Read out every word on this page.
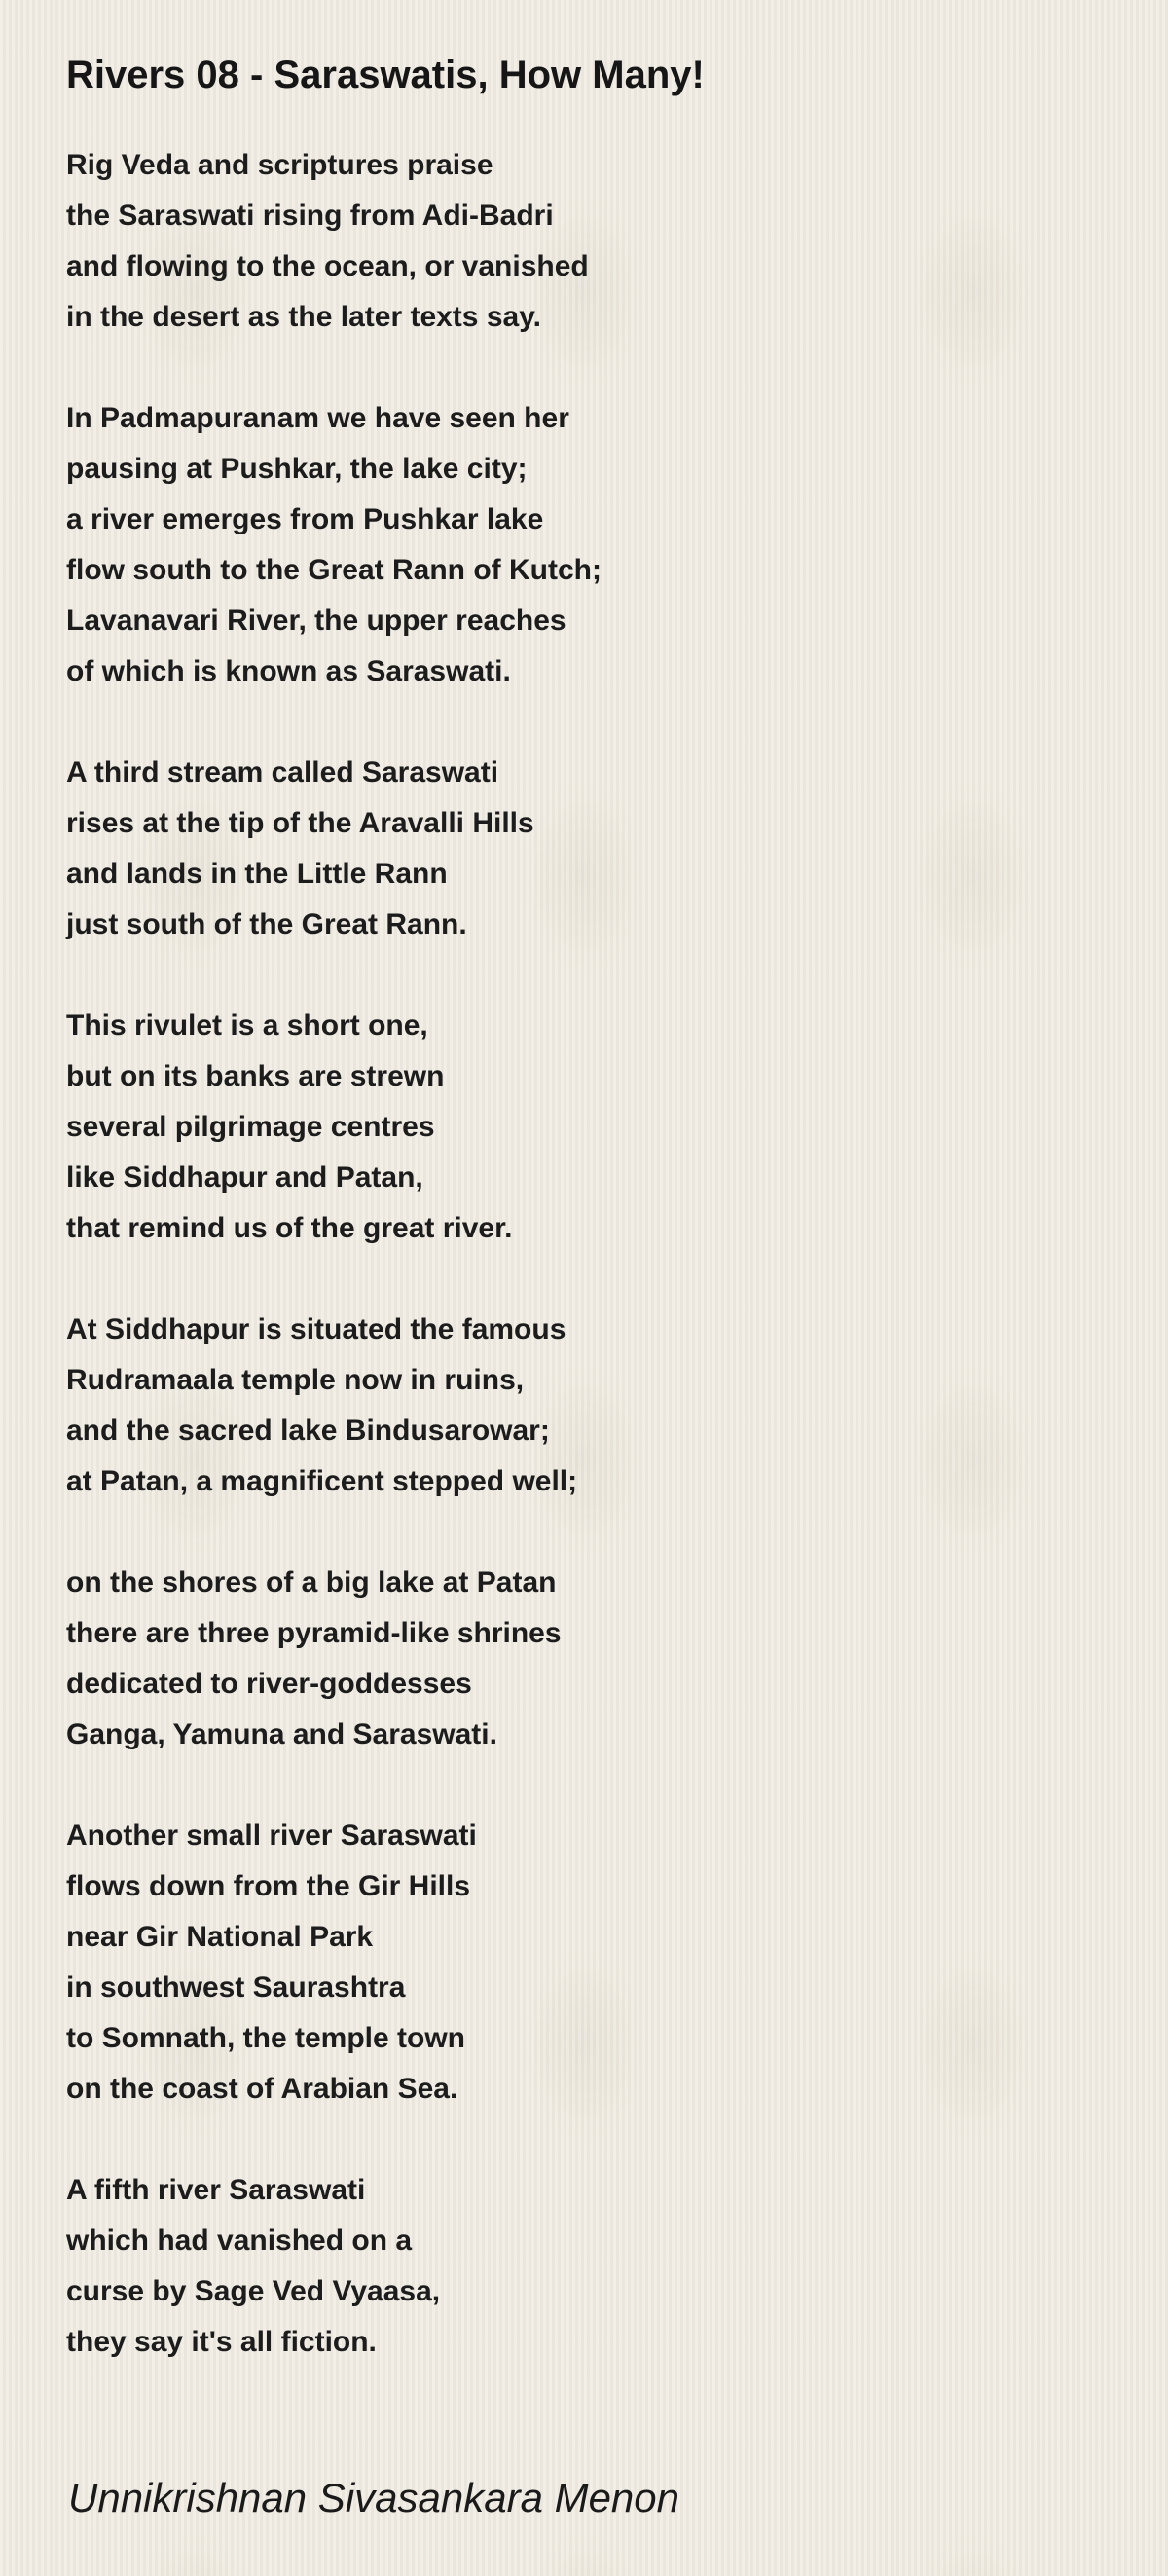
Rivers 08 - Saraswatis, How Many!
Rig Veda and scriptures praise
the Saraswati rising from Adi-Badri
and flowing to the ocean, or vanished
in the desert as the later texts say.
In Padmapuranam we have seen her
pausing at Pushkar, the lake city;
a river emerges from Pushkar lake
flow south to the Great Rann of Kutch;
Lavanavari River, the upper reaches
of which is known as Saraswati.
A third stream called Saraswati
rises at the tip of the Aravalli Hills
and lands in the Little Rann
just south of the Great Rann.
This rivulet is a short one,
but on its banks are strewn
several pilgrimage centres
like Siddhapur and Patan,
that remind us of the great river.
At Siddhapur is situated the famous
Rudramaala temple now in ruins,
and the sacred lake Bindusarowar;
at Patan, a magnificent stepped well;
on the shores of a big lake at Patan
there are three pyramid-like shrines
dedicated to river-goddesses
Ganga, Yamuna and Saraswati.
Another small river Saraswati
flows down from the Gir Hills
near Gir National Park
in southwest Saurashtra
to Somnath, the temple town
on the coast of Arabian Sea.
A fifth river Saraswati
which had vanished on a
curse by Sage Ved Vyaasa,
they say it's all fiction.
Unnikrishnan Sivasankara Menon
